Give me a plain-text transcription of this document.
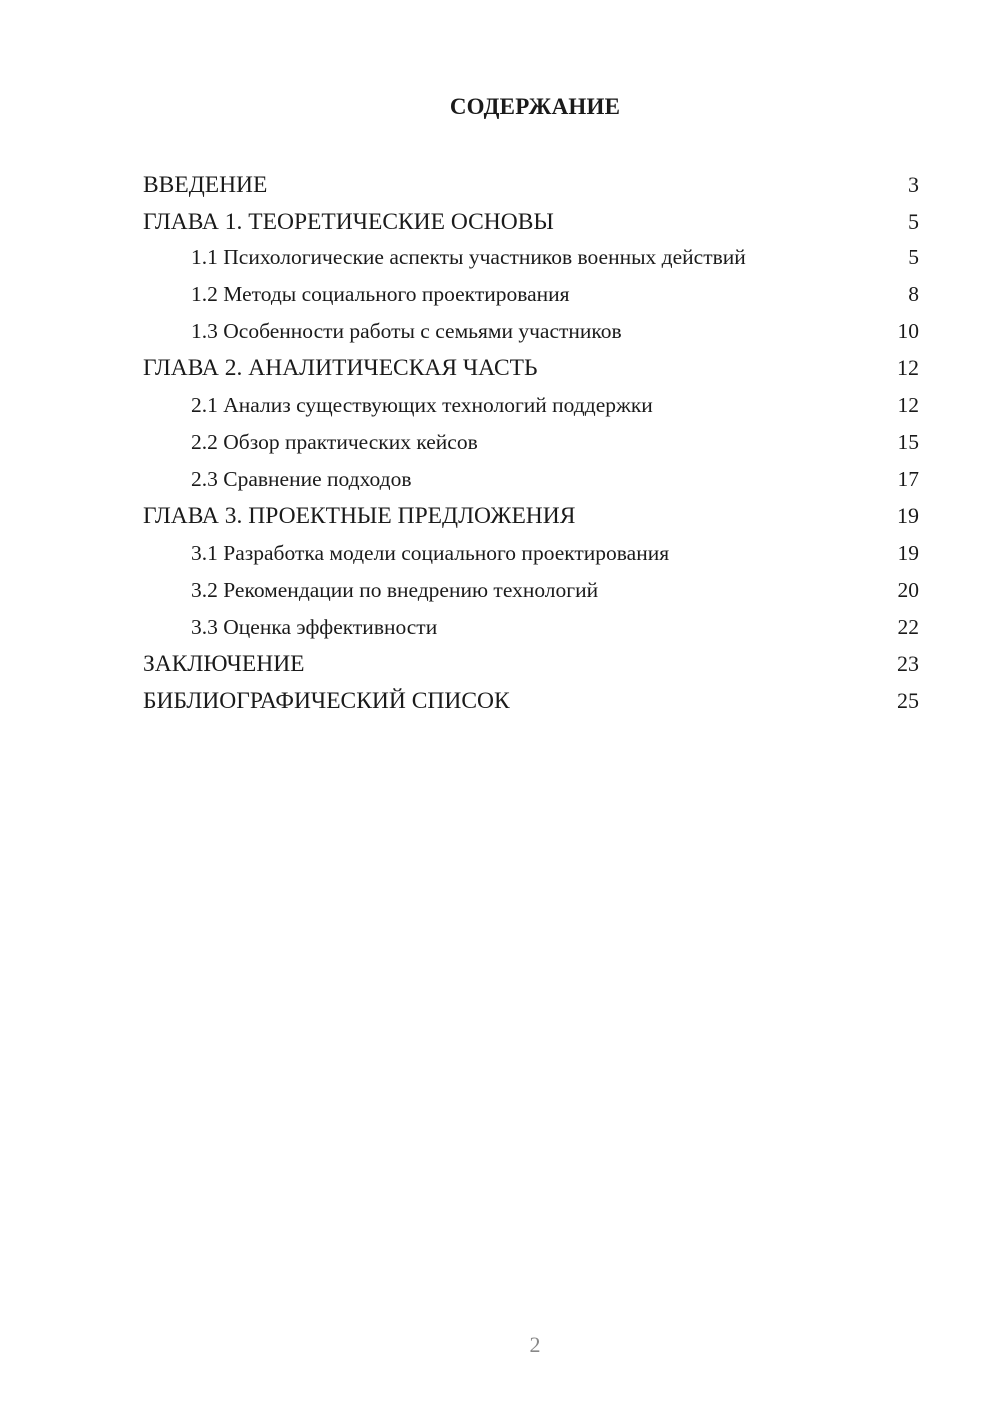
СОДЕРЖАНИЕ
ВВЕДЕНИЕ	3
ГЛАВА 1. ТЕОРЕТИЧЕСКИЕ ОСНОВЫ	5
1.1 Психологические аспекты участников военных действий	5
1.2 Методы социального проектирования	8
1.3 Особенности работы с семьями участников	10
ГЛАВА 2. АНАЛИТИЧЕСКАЯ ЧАСТЬ	12
2.1 Анализ существующих технологий поддержки	12
2.2 Обзор практических кейсов	15
2.3 Сравнение подходов	17
ГЛАВА 3. ПРОЕКТНЫЕ ПРЕДЛОЖЕНИЯ	19
3.1 Разработка модели социального проектирования	19
3.2 Рекомендации по внедрению технологий	20
3.3 Оценка эффективности	22
ЗАКЛЮЧЕНИЕ	23
БИБЛИОГРАФИЧЕСКИЙ СПИСОК	25
2
